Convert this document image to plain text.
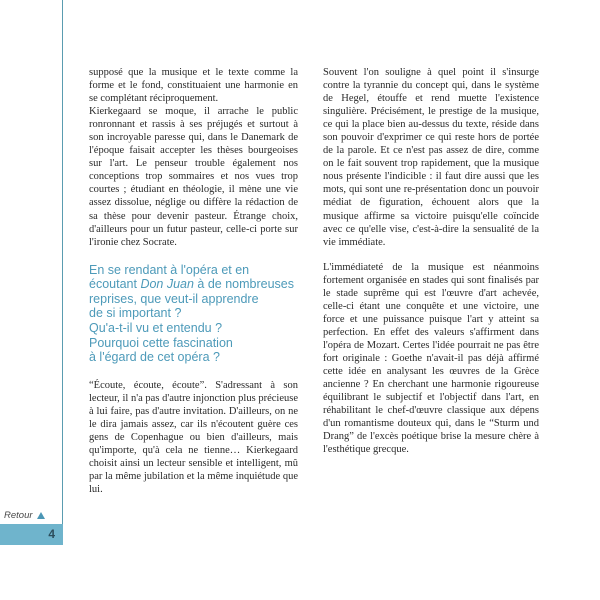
Retour
4

supposé que la musique et le texte comme la forme et le fond, constituaient une harmonie en se complétant réciproquement.

Kierkegaard se moque, il arrache le public ronronnant et rassis à ses préjugés et surtout à son incroyable paresse qui, dans le Danemark de l'époque faisait accepter les thèses bourgeoises sur l'art. Le penseur trouble également nos conceptions trop sommaires et nos vues trop courtes ; étudiant en théologie, il mène une vie assez dissolue, néglige ou diffère la rédaction de sa thèse pour devenir pasteur. Étrange choix, d'ailleurs pour un futur pasteur, celle-ci porte sur l'ironie chez Socrate.

En se rendant à l'opéra et en
écoutant Don Juan à de nombreuses
reprises, que veut-il apprendre
de si important ?
Qu'a-t-il vu et entendu ?
Pourquoi cette fascination
à l'égard de cet opéra ?

“Écoute, écoute, écoute”. S'adressant à son lecteur, il n'a pas d'autre injonction plus précieuse à lui faire, pas d'autre invitation. D'ailleurs, on ne le dira jamais assez, car ils n'écoutent guère ces gens de Copenhague ou bien d'ailleurs, mais qu'importe, qu'à cela ne tienne… Kierkegaard choisit ainsi un lecteur sensible et intelligent, mû par la même jubilation et la même inquiétude que lui.

Souvent l'on souligne à quel point il s'insurge contre la tyrannie du concept qui, dans le système de Hegel, étouffe et rend muette l'existence singulière. Précisément, le prestige de la musique, ce qui la place bien au-dessus du texte, réside dans son pouvoir d'exprimer ce qui reste hors de portée de la parole. Et ce n'est pas assez de dire, comme on le fait souvent trop rapidement, que la musique nous présente l'indicible : il faut dire aussi que les mots, qui sont une re-présentation donc un pouvoir médiat de figuration, échouent alors que la musique affirme sa victoire puisqu'elle coïncide avec ce qu'elle vise, c'est-à-dire la sensualité de la vie immédiate.

L'immédiateté de la musique est néanmoins fortement organisée en stades qui sont finalisés par le stade suprême qui est l'œuvre d'art achevée, celle-ci étant une conquête et une victoire, une force et une puissance puisque l'art y atteint sa perfection. En effet des valeurs s'affirment dans l'opéra de Mozart. Certes l'idée pourrait ne pas être fort originale : Goethe n'avait-il pas déjà affirmé cette idée en analysant les œuvres de la Grèce ancienne ? En cherchant une harmonie rigoureuse équilibrant le subjectif et l'objectif dans l'art, en réhabilitant le chef-d'œuvre classique aux dépens d'un romantisme douteux qui, dans le “Sturm und Drang” de l'excès poétique brise la mesure chère à l'esthétique grecque.
